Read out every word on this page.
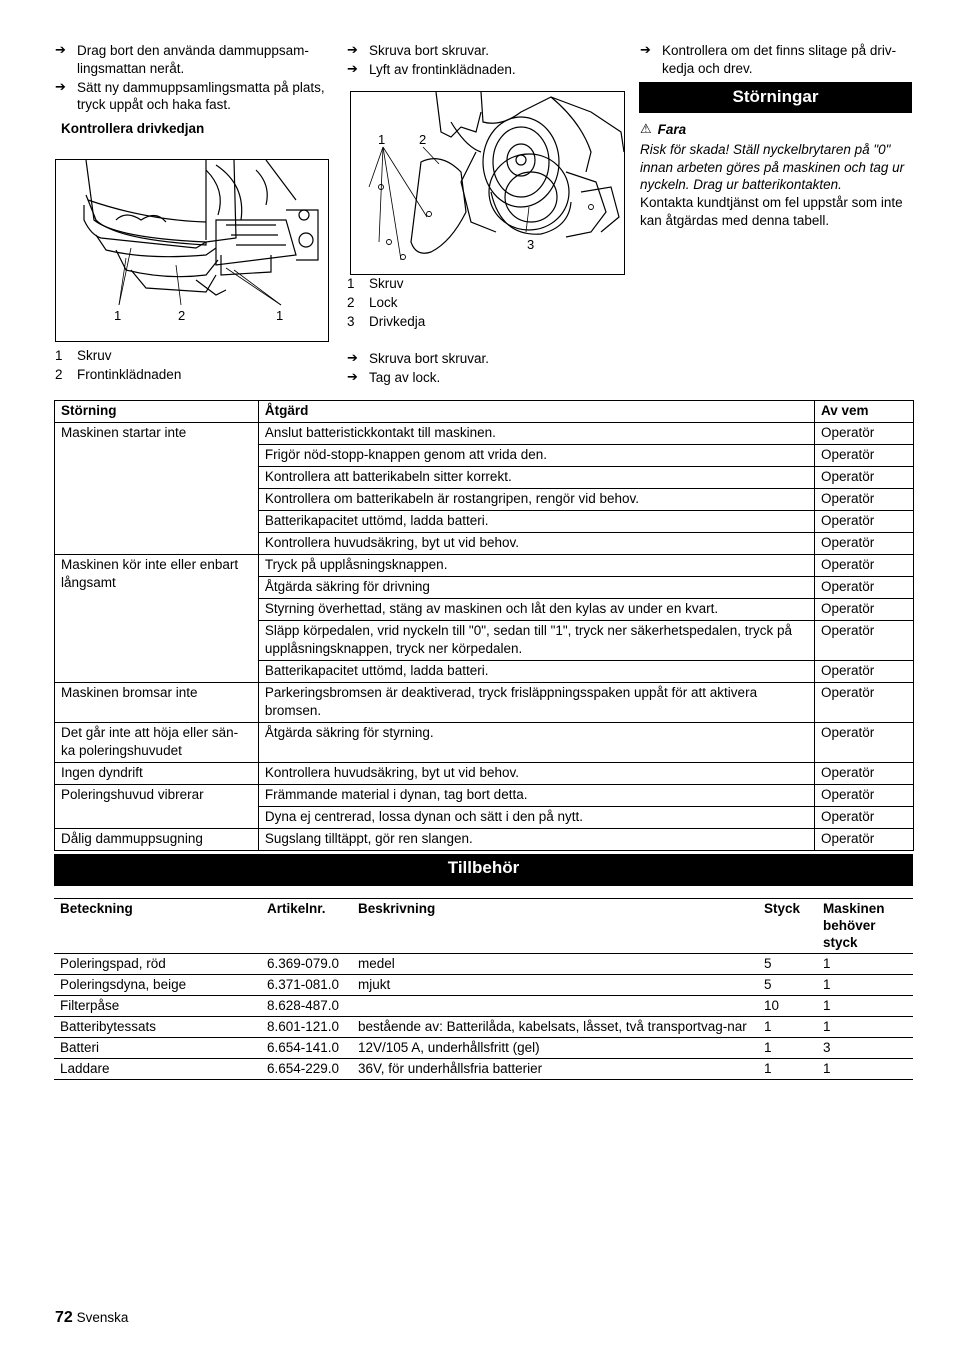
➔ Drag bort den använda dammuppsam-lingsmattan neråt.
➔ Sätt ny dammuppsamlingsmatta på plats, tryck uppåt och haka fast.
Kontrollera drivkedjan
1	2	1
1	Skruv
2	Frontinklädnaden
➔ Skruva bort skruvar.
➔ Lyft av frontinklädnaden.
1	2
3
1	Skruv
2	Lock
3	Drivkedja
➔ Skruva bort skruvar.
➔ Tag av lock.
➔ Kontrollera om det finns slitage på driv-kedja och drev.
Störningar
⚠ Fara
Risk för skada! Ställ nyckelbrytaren på "0" innan arbeten göres på maskinen och tag ur nyckeln. Drag ur batterikontakten.
Kontakta kundtjänst om fel uppstår som inte kan åtgärdas med denna tabell.
Störning	Åtgärd	Av vem
Maskinen startar inte	Anslut batteristickkontakt till maskinen.	Operatör
	Frigör nöd-stopp-knappen genom att vrida den.	Operatör
	Kontrollera att batterikabeln sitter korrekt.	Operatör
	Kontrollera om batterikabeln är rostangripen, rengör vid behov.	Operatör
	Batterikapacitet uttömd, ladda batteri.	Operatör
	Kontrollera huvudsäkring, byt ut vid behov.	Operatör
Maskinen kör inte eller enbart långsamt	Tryck på upplåsningsknappen.	Operatör
	Åtgärda säkring för drivning	Operatör
	Styrning överhettad, stäng av maskinen och låt den kylas av under en kvart.	Operatör
	Släpp körpedalen, vrid nyckeln till "0", sedan till "1", tryck ner säkerhetspedalen, tryck på upplåsningsknappen, tryck ner körpedalen.	Operatör
	Batterikapacitet uttömd, ladda batteri.	Operatör
Maskinen bromsar inte	Parkeringsbromsen är deaktiverad, tryck frisläppningsspaken uppåt för att aktivera bromsen.	Operatör
Det går inte att höja eller sän-ka poleringshuvudet	Åtgärda säkring för styrning.	Operatör
Ingen dyndrift	Kontrollera huvudsäkring, byt ut vid behov.	Operatör
Poleringshuvud vibrerar	Främmande material i dynan, tag bort detta.	Operatör
	Dyna ej centrerad, lossa dynan och sätt i den på nytt.	Operatör
Dålig dammuppsugning	Sugslang tilltäppt, gör ren slangen.	Operatör
Tillbehör
Beteckning	Artikelnr.	Beskrivning	Styck	Maskinen behöver styck
Poleringspad, röd	6.369-079.0	medel	5	1
Poleringsdyna, beige	6.371-081.0	mjukt	5	1
Filterpåse	8.628-487.0		10	1
Batteribytessats	8.601-121.0	bestående av: Batterilåda, kabelsats, låsset, två transportvag-nar	1	1
Batteri	6.654-141.0	12V/105 A, underhållsfritt (gel)	1	3
Laddare	6.654-229.0	36V, för underhållsfria batterier	1	1
72 Svenska
